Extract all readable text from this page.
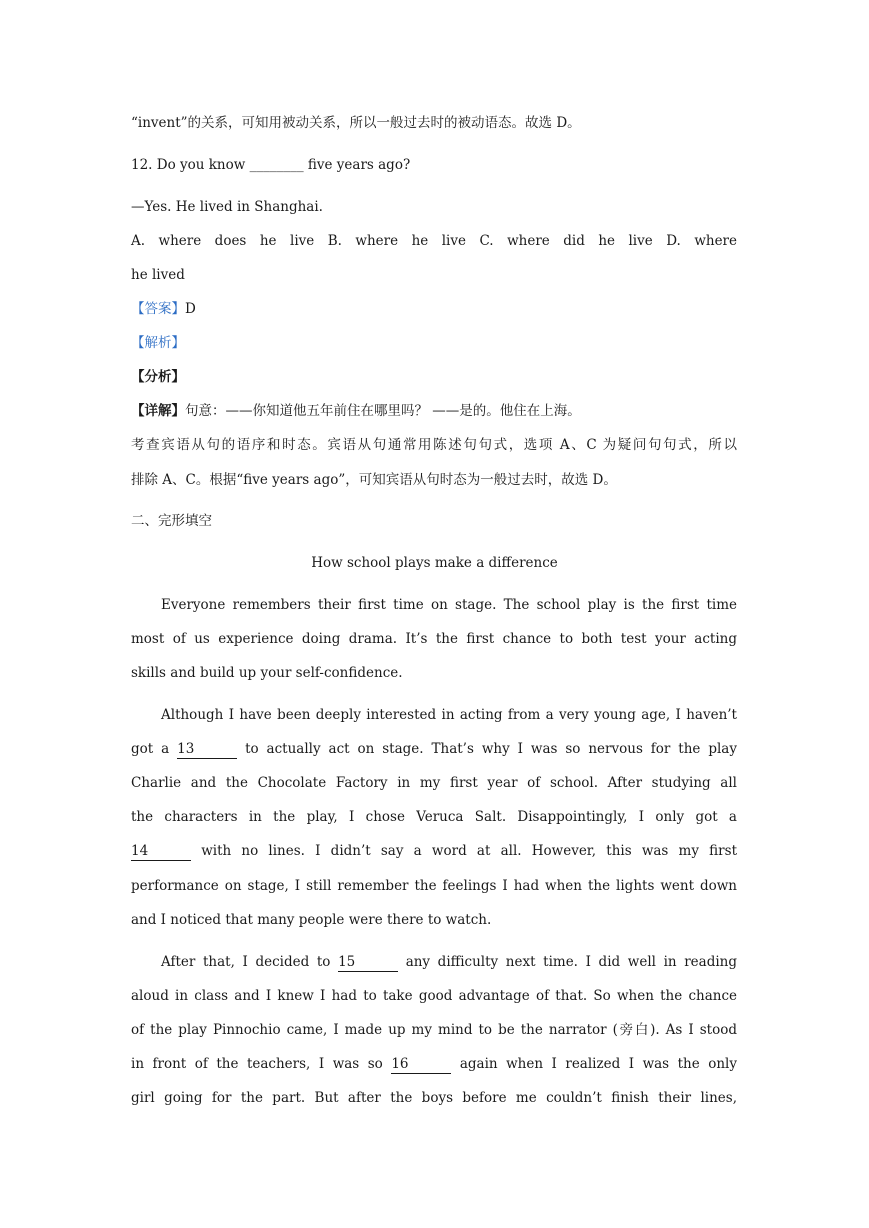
“invent”的关系，可知用被动关系，所以一般过去时的被动语态。故选 D。
12. Do you know ________ five years ago?
—Yes. He lived in Shanghai.
A. where does he live B. where he live C. where did he live D. where
he lived
【答案】D
【解析】
【分析】
【详解】句意：——你知道他五年前住在哪里吗？ ——是的。他住在上海。
考查宾语从句的语序和时态。宾语从句通常用陈述句句式，选项 A、C 为疑问句句式，所以
排除 A、C。根据“five years ago”，可知宾语从句时态为一般过去时，故选 D。
二、完形填空
How school plays make a difference
Everyone remembers their first time on stage. The school play is the first time
most of us experience doing drama. It’s the first chance to both test your acting
skills and build up your self-confidence.
Although I have been deeply interested in acting from a very young age, I haven’t
got a 13	to actually act on stage. That’s why I was so nervous for the play
Charlie and the Chocolate Factory in my first year of school. After studying all
the characters in the play, I chose Veruca Salt. Disappointingly, I only got a
14	with no lines. I didn’t say a word at all. However, this was my first
performance on stage, I still remember the feelings I had when the lights went down
and I noticed that many people were there to watch.
After that, I decided to 15	any difficulty next time. I did well in reading
aloud in class and I knew I had to take good advantage of that. So when the chance
of the play Pinnochio came, I made up my mind to be the narrator (旁白). As I stood
in front of the teachers, I was so 16	again when I realized I was the only
girl going for the part. But after the boys before me couldn’t finish their lines,
